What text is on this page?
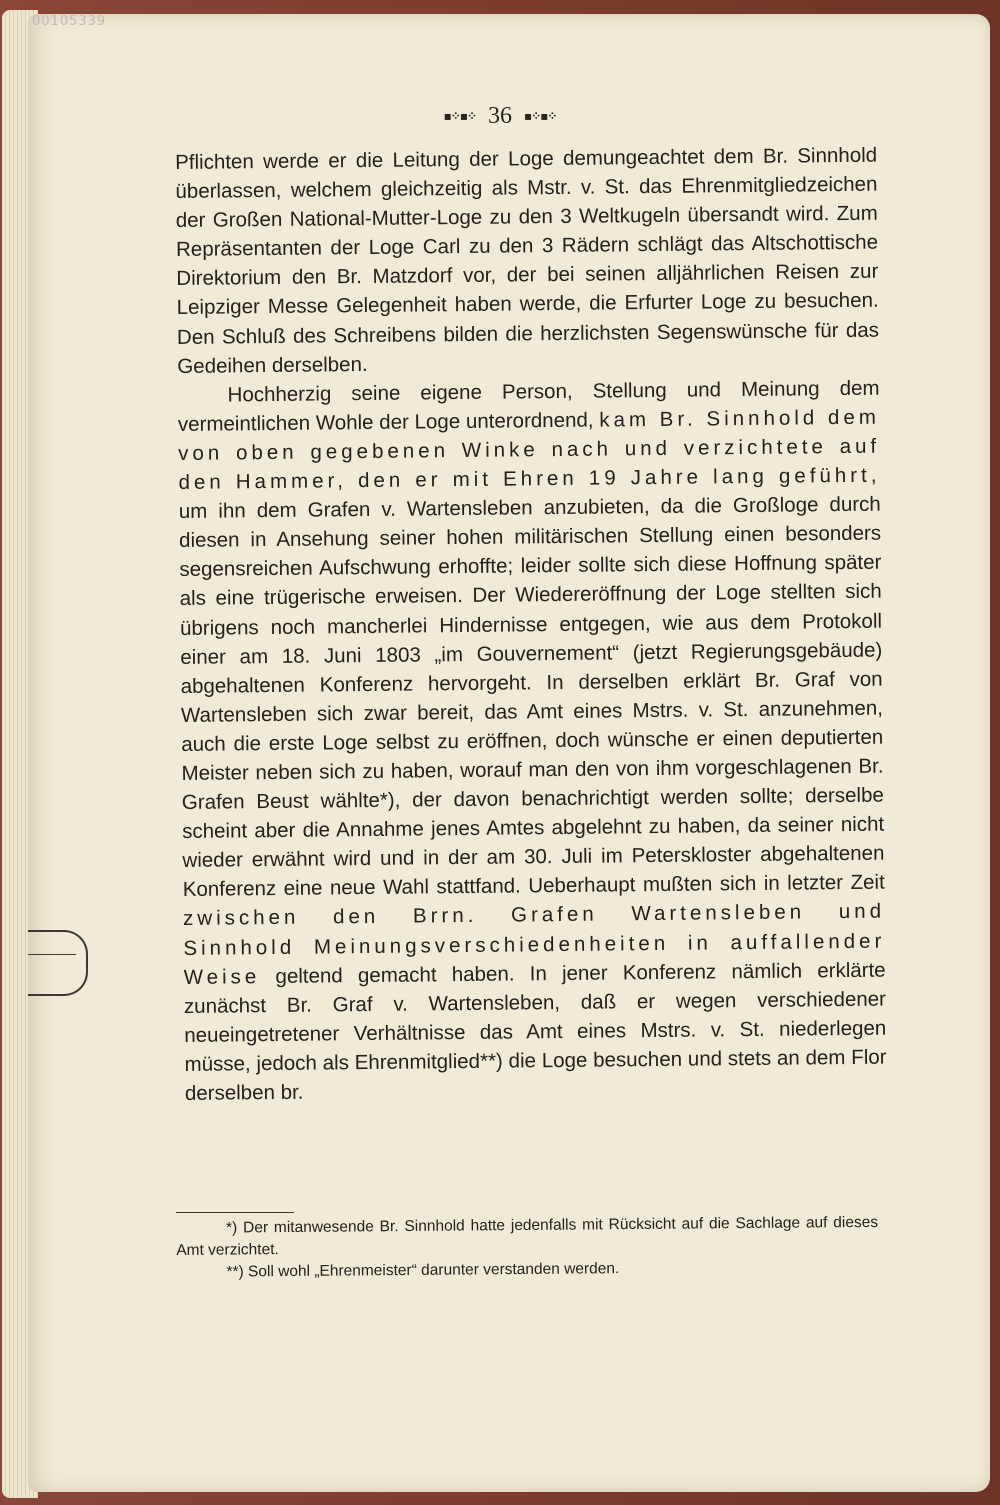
00105339
▪⁘▪⁘ 36 ▪⁘▪⁘

Pflichten werde er die Leitung der Loge demungeachtet dem Br. Sinnhold überlassen, welchem gleichzeitig als Mstr. v. St. das Ehrenmitgliedzeichen der Großen National-Mutter-Loge zu den 3 Weltkugeln übersandt wird. Zum Repräsentanten der Loge Carl zu den 3 Rädern schlägt das Altschottische Direktorium den Br. Matzdorf vor, der bei seinen alljährlichen Reisen zur Leipziger Messe Gelegenheit haben werde, die Erfurter Loge zu besuchen. Den Schluß des Schreibens bilden die herzlichsten Segenswünsche für das Gedeihen derselben.

Hochherzig seine eigene Person, Stellung und Meinung dem vermeintlichen Wohle der Loge unterordnend, kam Br. Sinnhold dem von oben gegebenen Winke nach und verzichtete auf den Hammer, den er mit Ehren 19 Jahre lang geführt, um ihn dem Grafen v. Wartensleben anzubieten, da die Großloge durch diesen in Ansehung seiner hohen militärischen Stellung einen besonders segensreichen Aufschwung erhoffte; leider sollte sich diese Hoffnung später als eine trügerische erweisen. Der Wiedereröffnung der Loge stellten sich übrigens noch mancherlei Hindernisse entgegen, wie aus dem Protokoll einer am 18. Juni 1803 „im Gouvernement“ (jetzt Regierungsgebäude) abgehaltenen Konferenz hervorgeht. In derselben erklärt Br. Graf von Wartensleben sich zwar bereit, das Amt eines Mstrs. v. St. anzunehmen, auch die erste Loge selbst zu eröffnen, doch wünsche er einen deputierten Meister neben sich zu haben, worauf man den von ihm vorgeschlagenen Br. Grafen Beust wählte*), der davon benachrichtigt werden sollte; derselbe scheint aber die Annahme jenes Amtes abgelehnt zu haben, da seiner nicht wieder erwähnt wird und in der am 30. Juli im Peterskloster abgehaltenen Konferenz eine neue Wahl stattfand. Ueberhaupt mußten sich in letzter Zeit zwischen den Brrn. Grafen Wartensleben und Sinnhold Meinungsverschiedenheiten in auffallender Weise geltend gemacht haben. In jener Konferenz nämlich erklärte zunächst Br. Graf v. Wartensleben, daß er wegen verschiedener neueingetretener Verhältnisse das Amt eines Mstrs. v. St. niederlegen müsse, jedoch als Ehrenmitglied**) die Loge besuchen und stets an dem Flor derselben br.

*) Der mitanwesende Br. Sinnhold hatte jedenfalls mit Rücksicht auf die Sachlage auf dieses Amt verzichtet.

**) Soll wohl „Ehrenmeister“ darunter verstanden werden.
